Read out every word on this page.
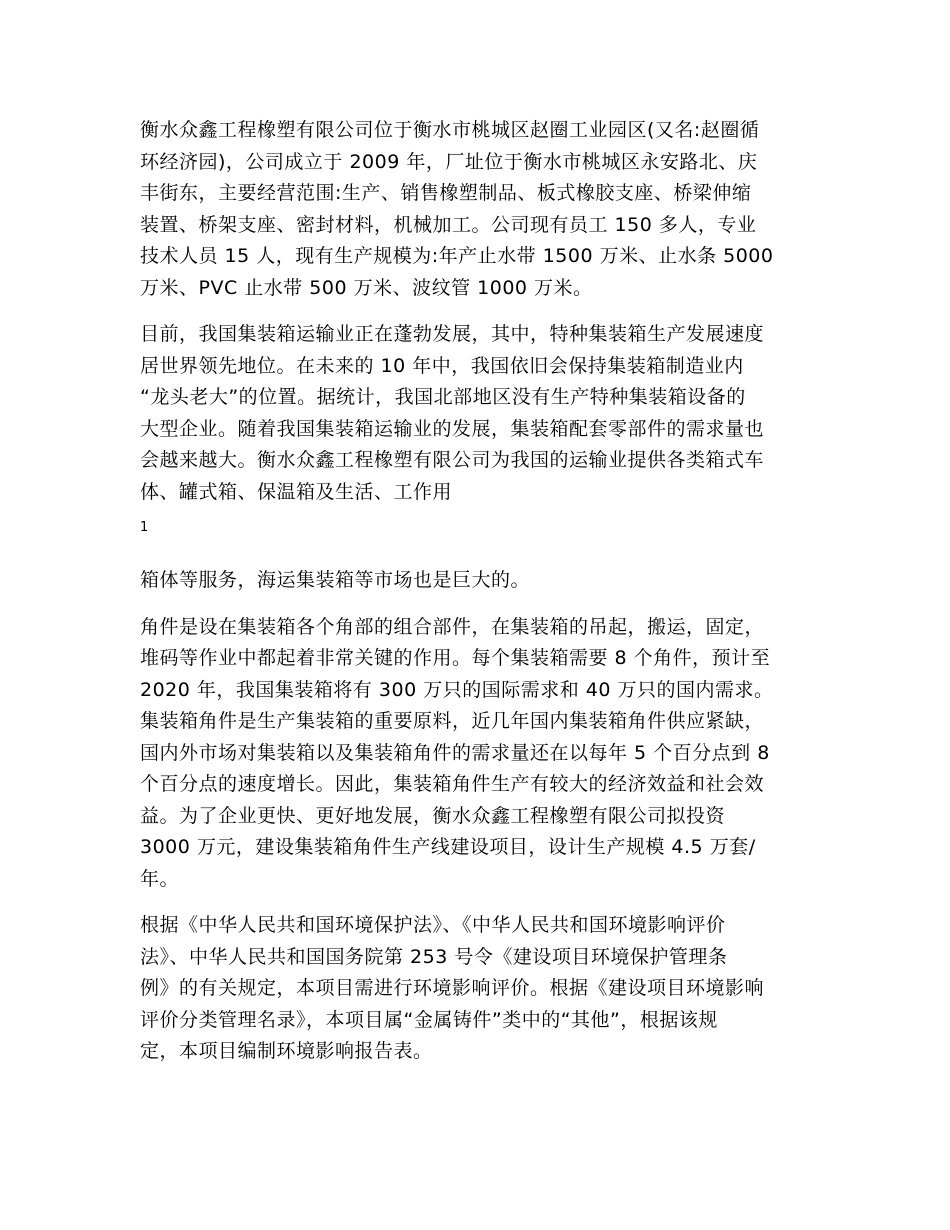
衡水众鑫工程橡塑有限公司位于衡水市桃城区赵圈工业园区(又名:赵圈循
环经济园)，公司成立于 2009 年，厂址位于衡水市桃城区永安路北、庆
丰街东，主要经营范围:生产、销售橡塑制品、板式橡胶支座、桥梁伸缩
装置、桥架支座、密封材料，机械加工。公司现有员工 150 多人，专业
技术人员 15 人，现有生产规模为:年产止水带 1500 万米、止水条 5000
万米、PVC 止水带 500 万米、波纹管 1000 万米。
目前，我国集装箱运输业正在蓬勃发展，其中，特种集装箱生产发展速度
居世界领先地位。在未来的 10 年中，我国依旧会保持集装箱制造业内
“龙头老大”的位置。据统计，我国北部地区没有生产特种集装箱设备的
大型企业。随着我国集装箱运输业的发展，集装箱配套零部件的需求量也
会越来越大。衡水众鑫工程橡塑有限公司为我国的运输业提供各类箱式车
体、罐式箱、保温箱及生活、工作用
1
箱体等服务，海运集装箱等市场也是巨大的。
角件是设在集装箱各个角部的组合部件，在集装箱的吊起，搬运，固定，
堆码等作业中都起着非常关键的作用。每个集装箱需要 8 个角件，预计至
2020 年，我国集装箱将有 300 万只的国际需求和 40 万只的国内需求。
集装箱角件是生产集装箱的重要原料，近几年国内集装箱角件供应紧缺，
国内外市场对集装箱以及集装箱角件的需求量还在以每年 5 个百分点到 8
个百分点的速度增长。因此，集装箱角件生产有较大的经济效益和社会效
益。为了企业更快、更好地发展，衡水众鑫工程橡塑有限公司拟投资
3000 万元，建设集装箱角件生产线建设项目，设计生产规模 4.5 万套/
年。
根据《中华人民共和国环境保护法》、《中华人民共和国环境影响评价
法》、中华人民共和国国务院第 253 号令《建设项目环境保护管理条
例》的有关规定，本项目需进行环境影响评价。根据《建设项目环境影响
评价分类管理名录》，本项目属“金属铸件”类中的“其他”，根据该规
定，本项目编制环境影响报告表。
